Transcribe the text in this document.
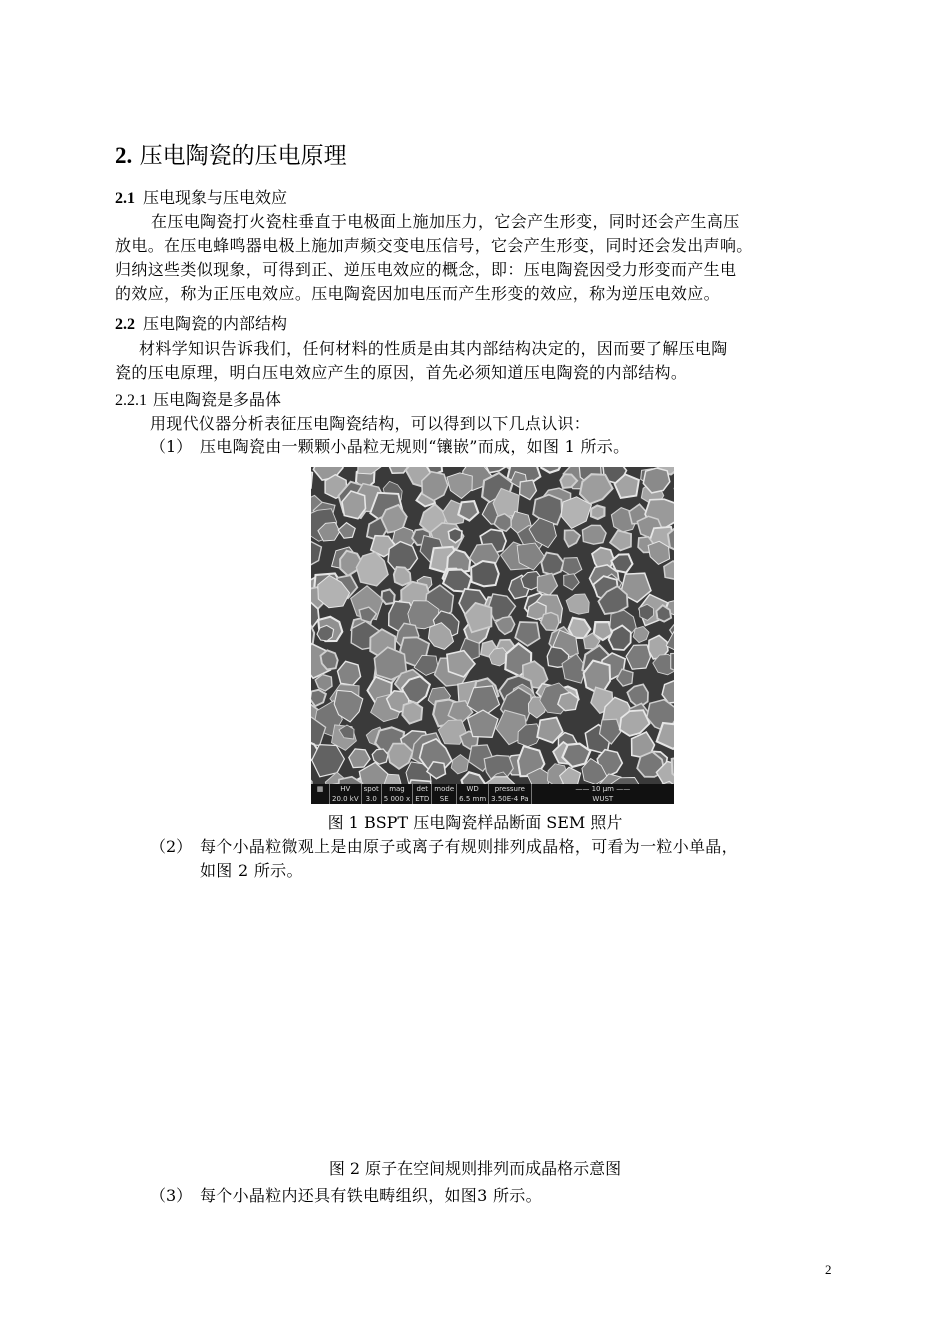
2. 压电陶瓷的压电原理
2.1 压电现象与压电效应
在压电陶瓷打火瓷柱垂直于电极面上施加压力，它会产生形变，同时还会产生高压
放电。在压电蜂鸣器电极上施加声频交变电压信号，它会产生形变，同时还会发出声响。
归纳这些类似现象，可得到正、逆压电效应的概念，即：压电陶瓷因受力形变而产生电
的效应，称为正压电效应。压电陶瓷因加电压而产生形变的效应，称为逆压电效应。
2.2 压电陶瓷的内部结构
材料学知识告诉我们，任何材料的性质是由其内部结构决定的，因而要了解压电陶
瓷的压电原理，明白压电效应产生的原因，首先必须知道压电陶瓷的内部结构。
2.2.1 压电陶瓷是多晶体
用现代仪器分析表征压电陶瓷结构，可以得到以下几点认识：
（1） 压电陶瓷由一颗颗小晶粒无规则“镶嵌”而成，如图 1 所示。
▦	HV
20.0 kV
spot
3.0
mag
5 000 x
det
ETD
mode
SE
WD
6.5 mm
pressure
3.50E-4 Pa
—— 10 μm ——
WUST
图 1 BSPT 压电陶瓷样品断面 SEM 照片
（2） 每个小晶粒微观上是由原子或离子有规则排列成晶格，可看为一粒小单晶，
如图 2 所示。
图 2 原子在空间规则排列而成晶格示意图
（3） 每个小晶粒内还具有铁电畴组织，如图3 所示。
2
